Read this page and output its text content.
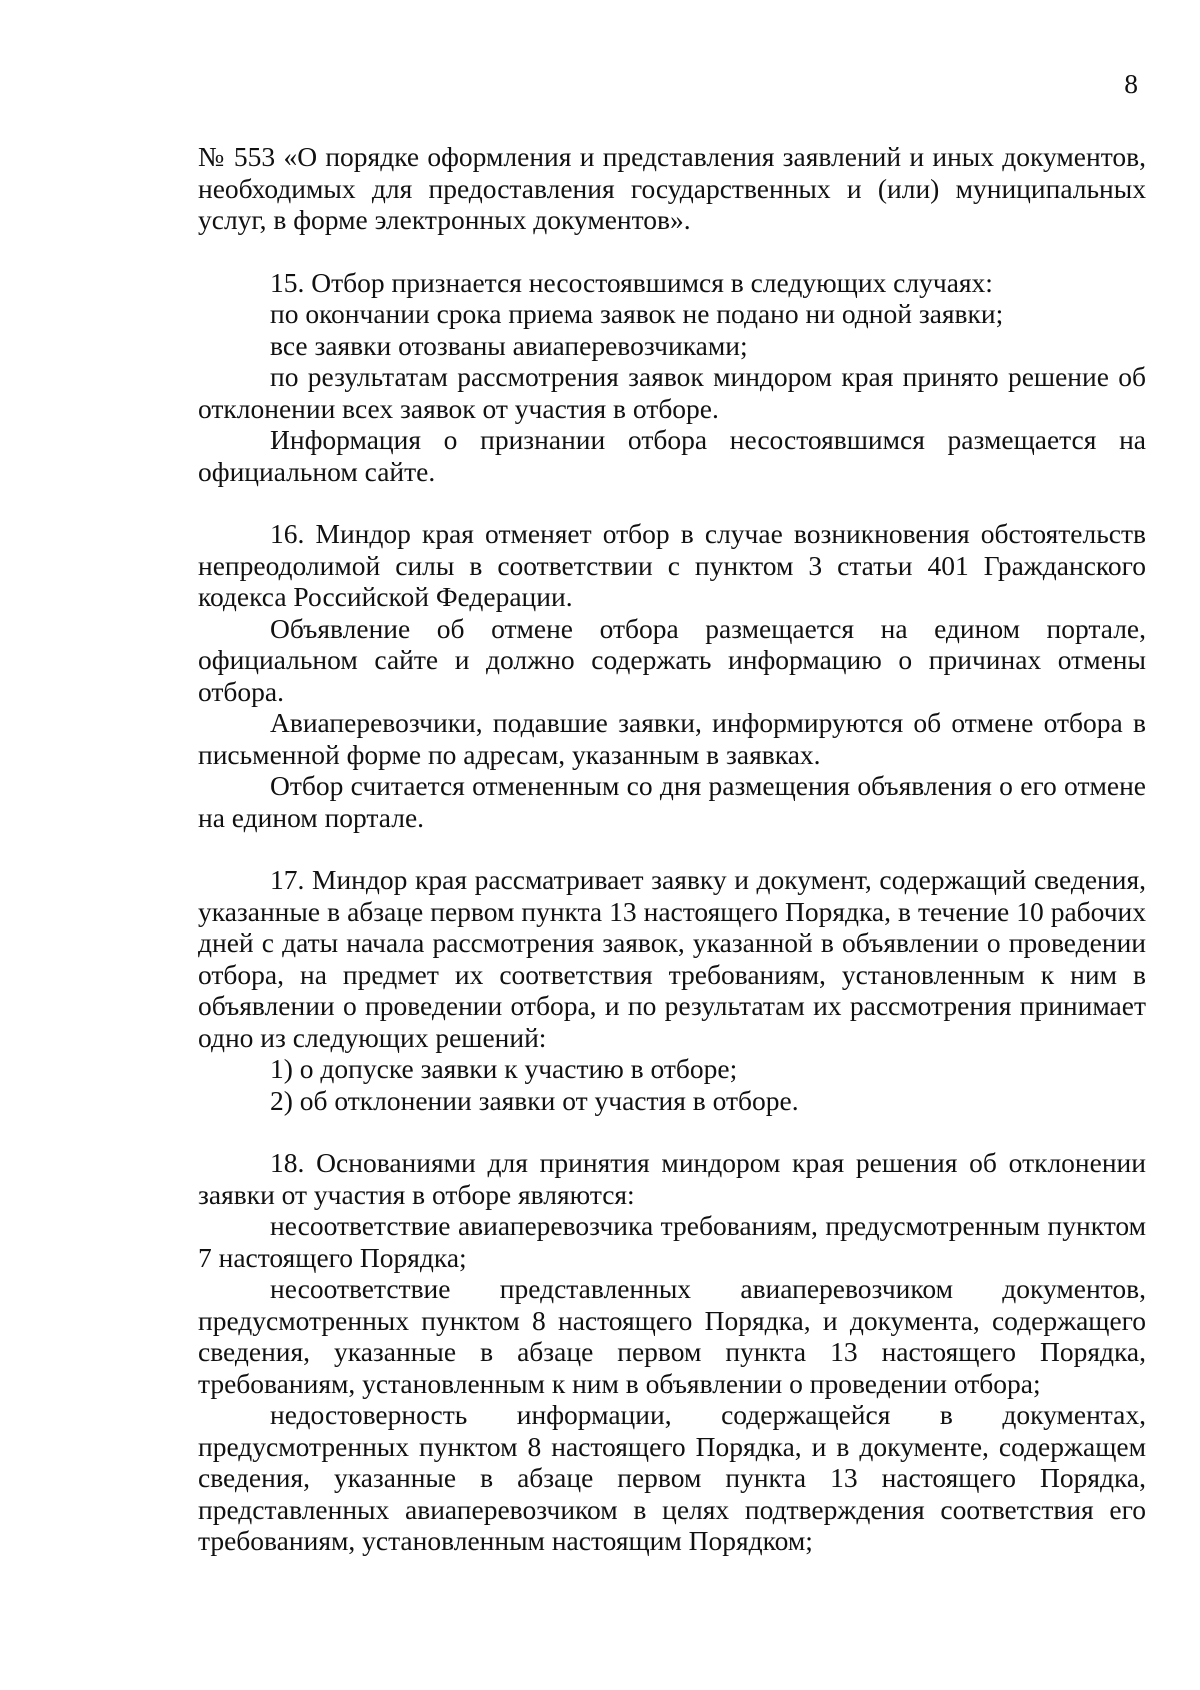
8

№ 553 «О порядке оформления и представления заявлений и иных документов, необходимых для предоставления государственных и (или) муниципальных услуг, в форме электронных документов».

15. Отбор признается несостоявшимся в следующих случаях:

по окончании срока приема заявок не подано ни одной заявки;

все заявки отозваны авиаперевозчиками;

по результатам рассмотрения заявок миндором края принято решение об отклонении всех заявок от участия в отборе.

Информация о признании отбора несостоявшимся размещается на официальном сайте.

16. Миндор края отменяет отбор в случае возникновения обстоятельств непреодолимой силы в соответствии с пунктом 3 статьи 401 Гражданского кодекса Российской Федерации.

Объявление об отмене отбора размещается на едином портале, официальном сайте и должно содержать информацию о причинах отмены отбора.

Авиаперевозчики, подавшие заявки, информируются об отмене отбора в письменной форме по адресам, указанным в заявках.

Отбор считается отмененным со дня размещения объявления о его отмене на едином портале.

17. Миндор края рассматривает заявку и документ, содержащий сведения, указанные в абзаце первом пункта 13 настоящего Порядка, в течение 10 рабочих дней с даты начала рассмотрения заявок, указанной в объявлении о проведении отбора, на предмет их соответствия требованиям, установленным к ним в объявлении о проведении отбора, и по результатам их рассмотрения принимает одно из следующих решений:

1) о допуске заявки к участию в отборе;

2) об отклонении заявки от участия в отборе.

18. Основаниями для принятия миндором края решения об отклонении заявки от участия в отборе являются:

несоответствие авиаперевозчика требованиям, предусмотренным пунктом 7 настоящего Порядка;

несоответствие представленных авиаперевозчиком документов, предусмотренных пунктом 8 настоящего Порядка, и документа, содержащего сведения, указанные в абзаце первом пункта 13 настоящего Порядка, требованиям, установленным к ним в объявлении о проведении отбора;

недостоверность информации, содержащейся в документах, предусмотренных пунктом 8 настоящего Порядка, и в документе, содержащем сведения, указанные в абзаце первом пункта 13 настоящего Порядка, представленных авиаперевозчиком в целях подтверждения соответствия его требованиям, установленным настоящим Порядком;
